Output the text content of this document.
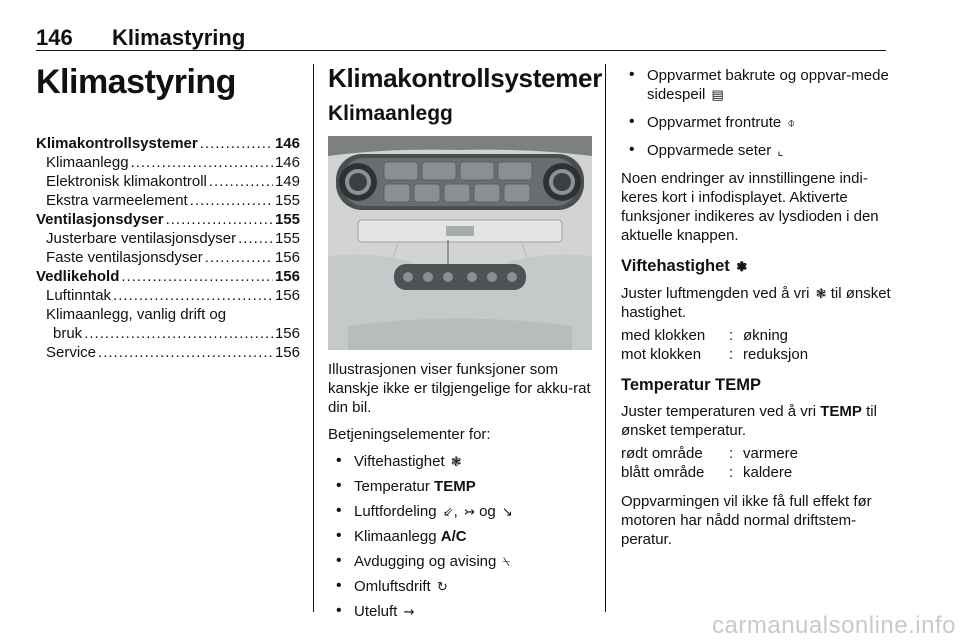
146 Klimastyring
Klimastyring
Klimakontrollsystemer .....	146
Klimaanlegg .....	146
Elektronisk klimakontroll .....	149
Ekstra varmeelement .....	155
Ventilasjonsdyser .....	155
Justerbare ventilasjonsdyser .....	155
Faste ventilasjonsdyser .....	156
Vedlikehold .....	156
Luftinntak .....	156
Klimaanlegg, vanlig drift og
bruk .....	156
Service .....	156
Klimakontrollsystemer
Klimaanlegg

Illustrasjonen viser funksjoner som kanskje ikke er tilgjengelige for akku-rat din bil.

Betjeningselementer for:

• Viftehastighet ❃
• Temperatur TEMP
• Luftfordeling ⇙, ↣ og ↘
• Klimaanlegg A/C
• Avdugging og avising ⍀
• Omluftsdrift ↻
• Uteluft ⇝
• Oppvarmet bakrute og oppvar-mede sidespeil ▤
• Oppvarmet frontrute ⌽
• Oppvarmede seter ⌞

Noen endringer av innstillingene indi-keres kort i infodisplayet. Aktiverte funksjoner indikeres av lysdioden i den aktuelle knappen.

Viftehastighet ❃

Juster luftmengden ved å vri ❃ til ønsket hastighet.

med klokken	: økning
mot klokken	: reduksjon
Temperatur TEMP

Juster temperaturen ved å vri TEMP til ønsket temperatur.

rødt område	: varmere
blått område	: kaldere

Oppvarmingen vil ikke få full effekt før motoren har nådd normal driftstem-peratur.

carmanualsonline.info
